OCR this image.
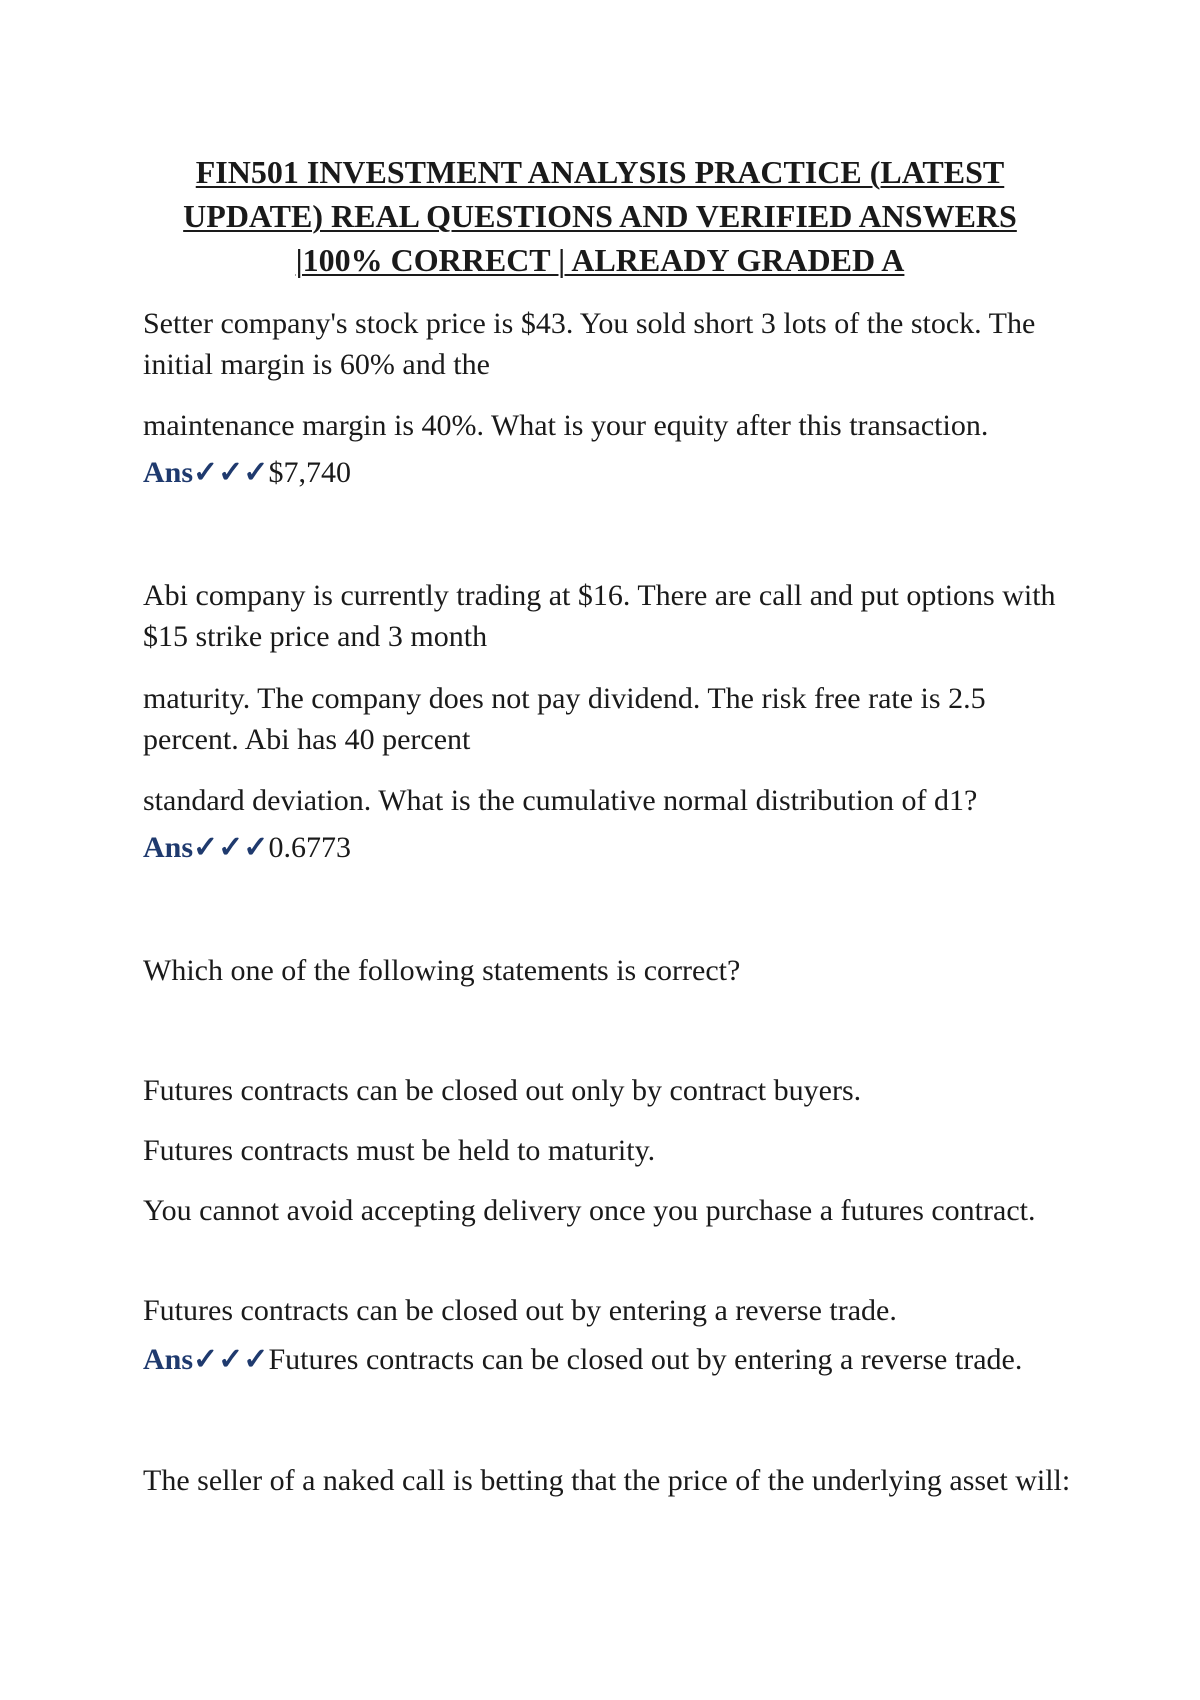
FIN501 INVESTMENT ANALYSIS PRACTICE (LATEST UPDATE) REAL QUESTIONS AND VERIFIED ANSWERS |100% CORRECT | ALREADY GRADED A

Setter company's stock price is $43. You sold short 3 lots of the stock. The initial margin is 60% and the

maintenance margin is 40%. What is your equity after this transaction.

Ans✓✓✓$7,740

Abi company is currently trading at $16. There are call and put options with $15 strike price and 3 month

maturity. The company does not pay dividend. The risk free rate is 2.5 percent. Abi has 40 percent

standard deviation. What is the cumulative normal distribution of d1?

Ans✓✓✓0.6773

Which one of the following statements is correct?

Futures contracts can be closed out only by contract buyers.

Futures contracts must be held to maturity.

You cannot avoid accepting delivery once you purchase a futures contract.

Futures contracts can be closed out by entering a reverse trade.

Ans✓✓✓Futures contracts can be closed out by entering a reverse trade.

The seller of a naked call is betting that the price of the underlying asset will:
